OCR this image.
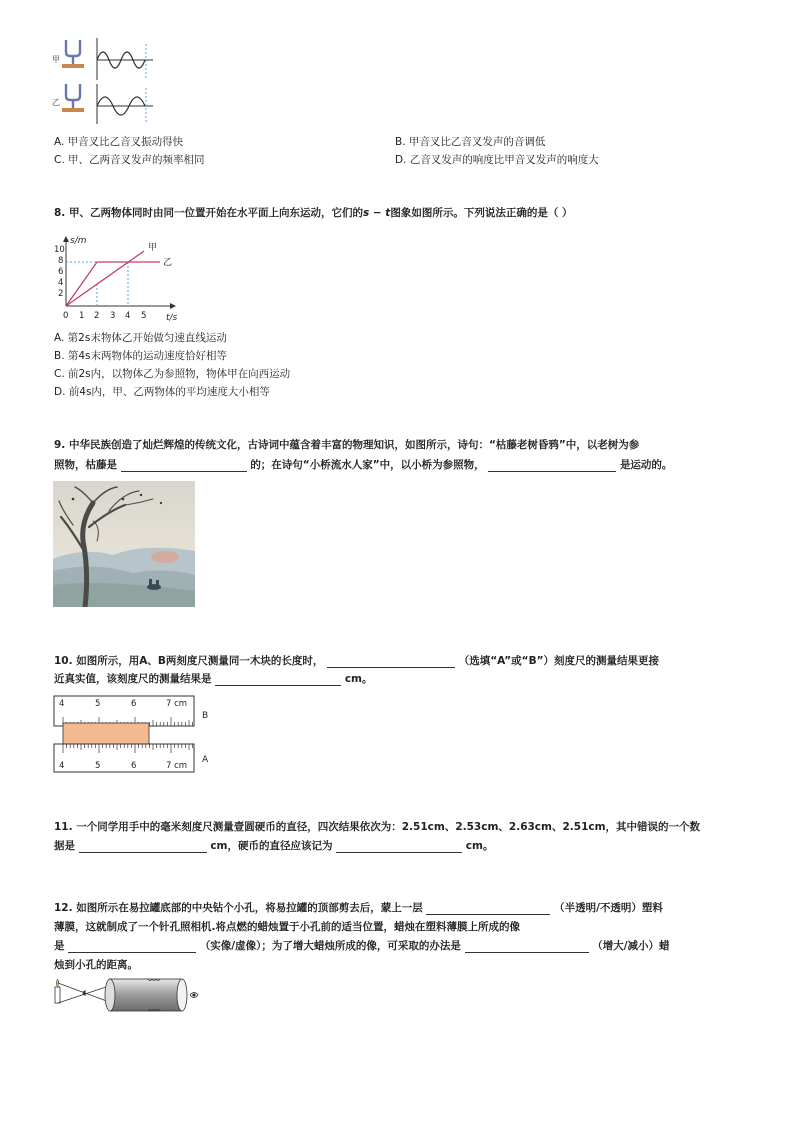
甲
乙
A. 甲音叉比乙音叉振动得快	B. 甲音叉比乙音叉发声的音调低
C. 甲、乙两音叉发声的频率相同	D. 乙音叉发声的响度比甲音叉发声的响度大
8. 甲、乙两物体同时由同一位置开始在水平面上向东运动，它们的s − t图象如图所示。下列说法正确的是（ ）
s/m
t/s
10
8
6
4
2
0 1 2 3 4 5
甲
乙
A. 第2s末物体乙开始做匀速直线运动
B. 第4s末两物体的运动速度恰好相等
C. 前2s内，以物体乙为参照物，物体甲在向西运动
D. 前4s内，甲、乙两物体的平均速度大小相等
9. 中华民族创造了灿烂辉煌的传统文化，古诗词中蕴含着丰富的物理知识，如图所示，诗句：“枯藤老树昏鸦”中，以老树为参
照物，枯藤是	的；在诗句“小桥流水人家”中，以小桥为参照物，	是运动的。
10. 如图所示，用A、B两刻度尺测量同一木块的长度时，	（选填“A”或“B”）刻度尺的测量结果更接
近真实值，该刻度尺的测量结果是	cm。
4	5	6	7 cm
B
4	5	6	7 cm
A
11. 一个同学用手中的毫米刻度尺测量壹圆硬币的直径，四次结果依次为：2.51cm、2.53cm、2.63cm、2.51cm，其中错误的一个数
据是	cm，硬币的直径应该记为	cm。
12. 如图所示在易拉罐底部的中央钻个小孔，将易拉罐的顶部剪去后，蒙上一层	（半透明/不透明）塑料
薄膜，这就制成了一个针孔照相机.将点燃的蜡烛置于小孔前的适当位置，蜡烛在塑料薄膜上所成的像
是	（实像/虚像）；为了增大蜡烛所成的像，可采取的办法是	（增大/减小）蜡
烛到小孔的距离。
